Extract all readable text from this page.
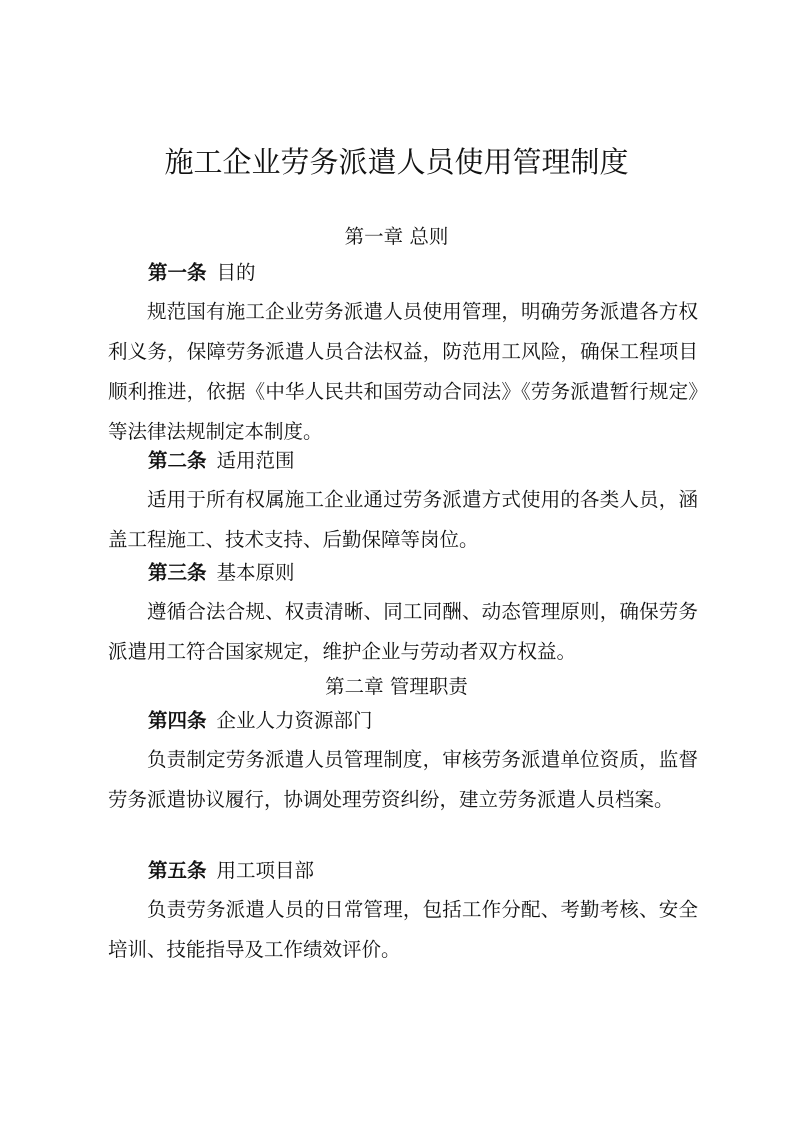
施工企业劳务派遣人员使用管理制度
第一章 总则
第一条 目的
规范国有施工企业劳务派遣人员使用管理，明确劳务派遣各方权利义务，保障劳务派遣人员合法权益，防范用工风险，确保工程项目顺利推进，依据《中华人民共和国劳动合同法》《劳务派遣暂行规定》等法律法规制定本制度。
第二条 适用范围
适用于所有权属施工企业通过劳务派遣方式使用的各类人员，涵盖工程施工、技术支持、后勤保障等岗位。
第三条 基本原则
遵循合法合规、权责清晰、同工同酬、动态管理原则，确保劳务派遣用工符合国家规定，维护企业与劳动者双方权益。
第二章 管理职责
第四条 企业人力资源部门
负责制定劳务派遣人员管理制度，审核劳务派遣单位资质，监督劳务派遣协议履行，协调处理劳资纠纷，建立劳务派遣人员档案。
第五条 用工项目部
负责劳务派遣人员的日常管理，包括工作分配、考勤考核、安全培训、技能指导及工作绩效评价。
